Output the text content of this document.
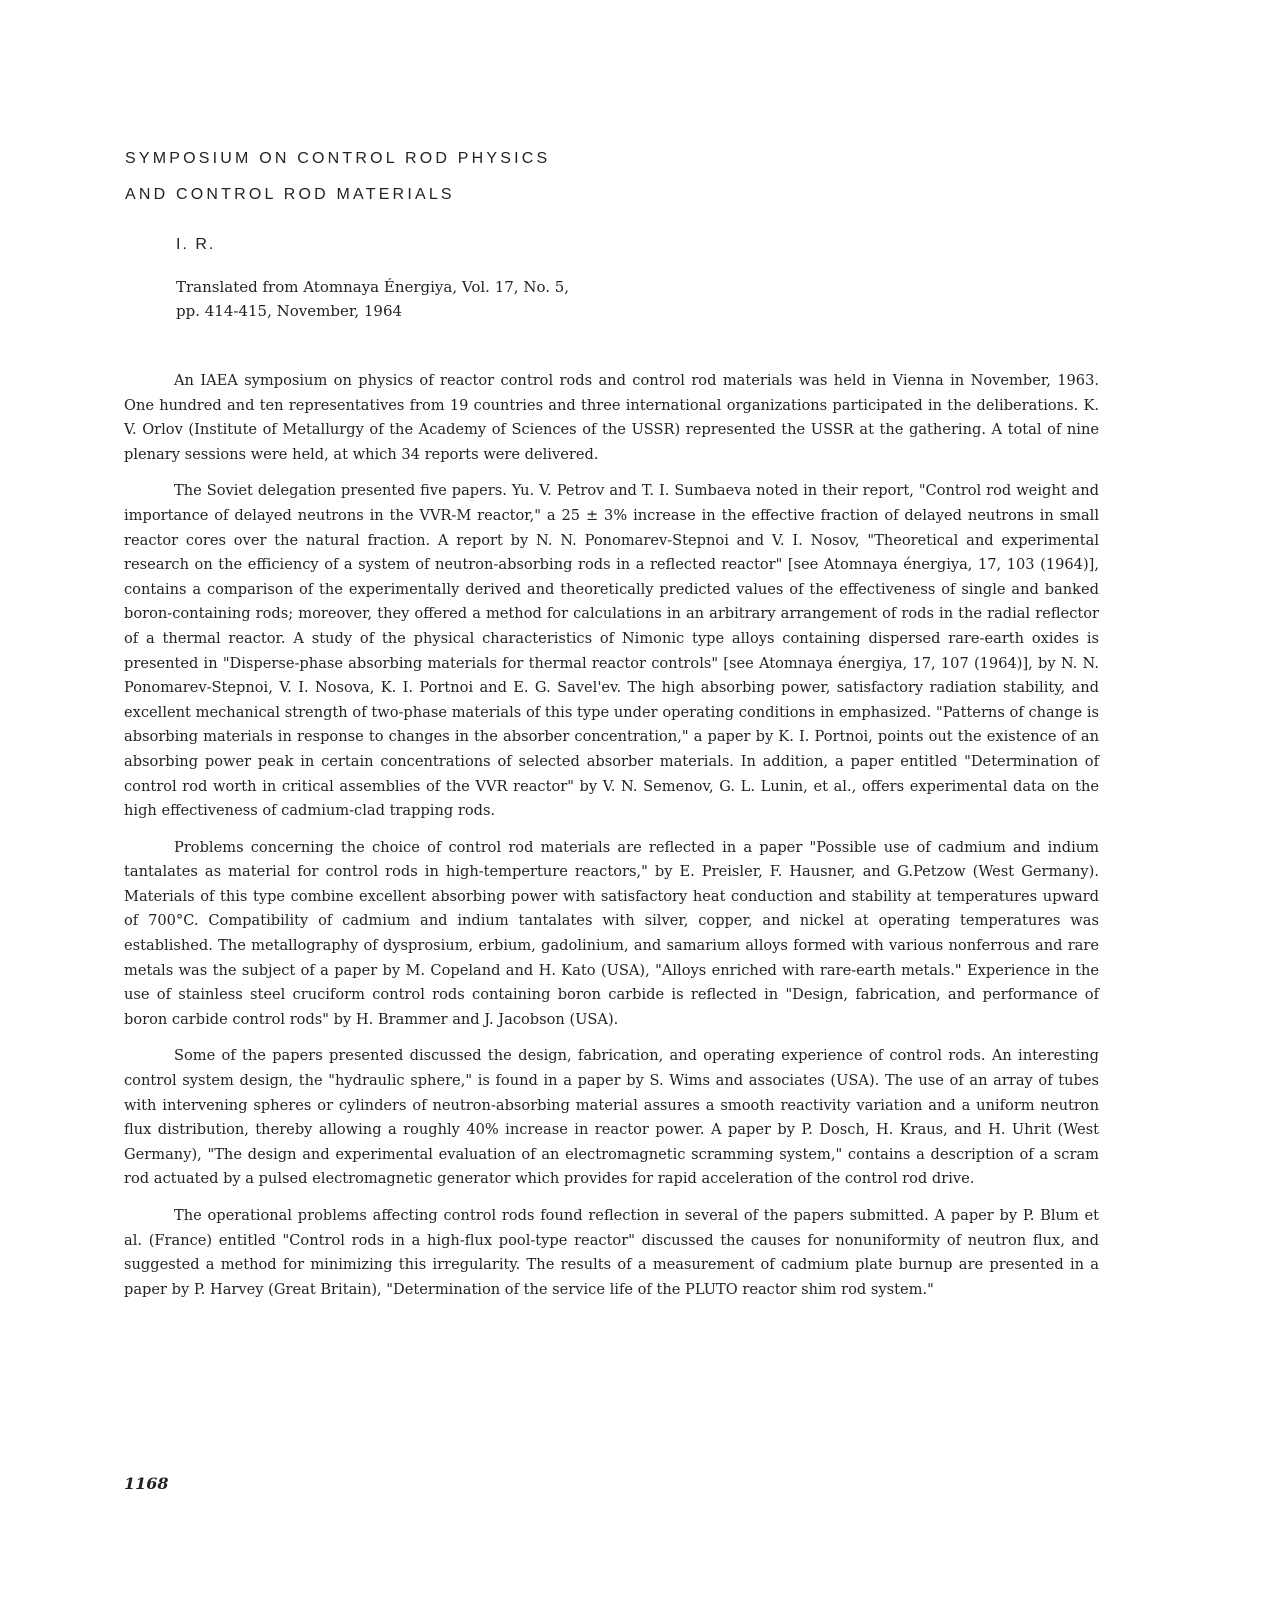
SYMPOSIUM ON CONTROL ROD PHYSICS
AND CONTROL ROD MATERIALS
I. R.
Translated from Atomnaya Énergiya, Vol. 17, No. 5,
pp. 414-415, November, 1964

An IAEA symposium on physics of reactor control rods and control rod materials was held in Vienna in November, 1963. One hundred and ten representatives from 19 countries and three international organizations participated in the deliberations. K. V. Orlov (Institute of Metallurgy of the Academy of Sciences of the USSR) represented the USSR at the gathering. A total of nine plenary sessions were held, at which 34 reports were delivered.

The Soviet delegation presented five papers. Yu. V. Petrov and T. I. Sumbaeva noted in their report, "Control rod weight and importance of delayed neutrons in the VVR-M reactor," a 25 ± 3% increase in the effective fraction of delayed neutrons in small reactor cores over the natural fraction. A report by N. N. Ponomarev-Stepnoi and V. I. Nosov, "Theoretical and experimental research on the efficiency of a system of neutron-absorbing rods in a reflected reactor" [see Atomnaya énergiya, 17, 103 (1964)], contains a comparison of the experimentally derived and theoretically predicted values of the effectiveness of single and banked boron-containing rods; moreover, they offered a method for calculations in an arbitrary arrangement of rods in the radial reflector of a thermal reactor. A study of the physical characteristics of Nimonic type alloys containing dispersed rare-earth oxides is presented in "Disperse-phase absorbing materials for thermal reactor controls" [see Atomnaya énergiya, 17, 107 (1964)], by N. N. Ponomarev-Stepnoi, V. I. Nosova, K. I. Portnoi and E. G. Savel'ev. The high absorbing power, satisfactory radiation stability, and excellent mechanical strength of two-phase materials of this type under operating conditions in emphasized. "Patterns of change is absorbing materials in response to changes in the absorber concentration," a paper by K. I. Portnoi, points out the existence of an absorbing power peak in certain concentrations of selected absorber materials. In addition, a paper entitled "Determination of control rod worth in critical assemblies of the VVR reactor" by V. N. Semenov, G. L. Lunin, et al., offers experimental data on the high effectiveness of cadmium-clad trapping rods.

Problems concerning the choice of control rod materials are reflected in a paper "Possible use of cadmium and indium tantalates as material for control rods in high-temperture reactors," by E. Preisler, F. Hausner, and G.Petzow (West Germany). Materials of this type combine excellent absorbing power with satisfactory heat conduction and stability at temperatures upward of 700°C. Compatibility of cadmium and indium tantalates with silver, copper, and nickel at operating temperatures was established. The metallography of dysprosium, erbium, gadolinium, and samarium alloys formed with various nonferrous and rare metals was the subject of a paper by M. Copeland and H. Kato (USA), "Alloys enriched with rare-earth metals." Experience in the use of stainless steel cruciform control rods containing boron carbide is reflected in "Design, fabrication, and performance of boron carbide control rods" by H. Brammer and J. Jacobson (USA).

Some of the papers presented discussed the design, fabrication, and operating experience of control rods. An interesting control system design, the "hydraulic sphere," is found in a paper by S. Wims and associates (USA). The use of an array of tubes with intervening spheres or cylinders of neutron-absorbing material assures a smooth reactivity variation and a uniform neutron flux distribution, thereby allowing a roughly 40% increase in reactor power. A paper by P. Dosch, H. Kraus, and H. Uhrit (West Germany), "The design and experimental evaluation of an electromagnetic scramming system," contains a description of a scram rod actuated by a pulsed electromagnetic generator which provides for rapid acceleration of the control rod drive.

The operational problems affecting control rods found reflection in several of the papers submitted. A paper by P. Blum et al. (France) entitled "Control rods in a high-flux pool-type reactor" discussed the causes for nonuniformity of neutron flux, and suggested a method for minimizing this irregularity. The results of a measurement of cadmium plate burnup are presented in a paper by P. Harvey (Great Britain), "Determination of the service life of the PLUTO reactor shim rod system."

1168
